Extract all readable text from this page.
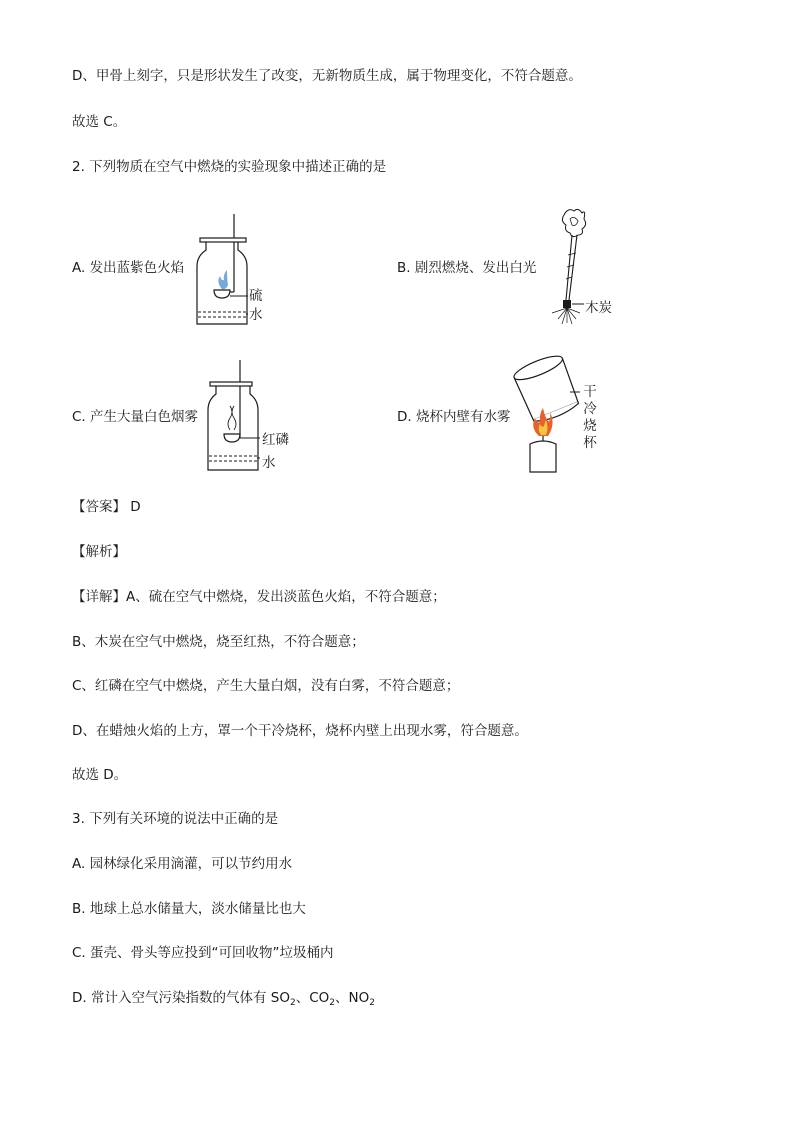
D、甲骨上刻字，只是形状发生了改变，无新物质生成，属于物理变化，不符合题意。
故选 C。
2. 下列物质在空气中燃烧的实验现象中描述正确的是
A. 发出蓝紫色火焰
硫
水
B. 剧烈燃烧、发出白光
木炭
C. 产生大量白色烟雾
红磷
水
D. 烧杯内壁有水雾
干
冷
烧
杯
【答案】 D
【解析】
【详解】A、硫在空气中燃烧，发出淡蓝色火焰，不符合题意；
B、木炭在空气中燃烧，烧至红热，不符合题意；
C、红磷在空气中燃烧，产生大量白烟，没有白雾，不符合题意；
D、在蜡烛火焰的上方，罩一个干冷烧杯，烧杯内壁上出现水雾，符合题意。
故选 D。
3. 下列有关环境的说法中正确的是
A. 园林绿化采用滴灌，可以节约用水
B. 地球上总水储量大，淡水储量比也大
C. 蛋壳、骨头等应投到“可回收物”垃圾桶内
D. 常计入空气污染指数的气体有 $SO_2$、$CO_2$、$NO_2$
